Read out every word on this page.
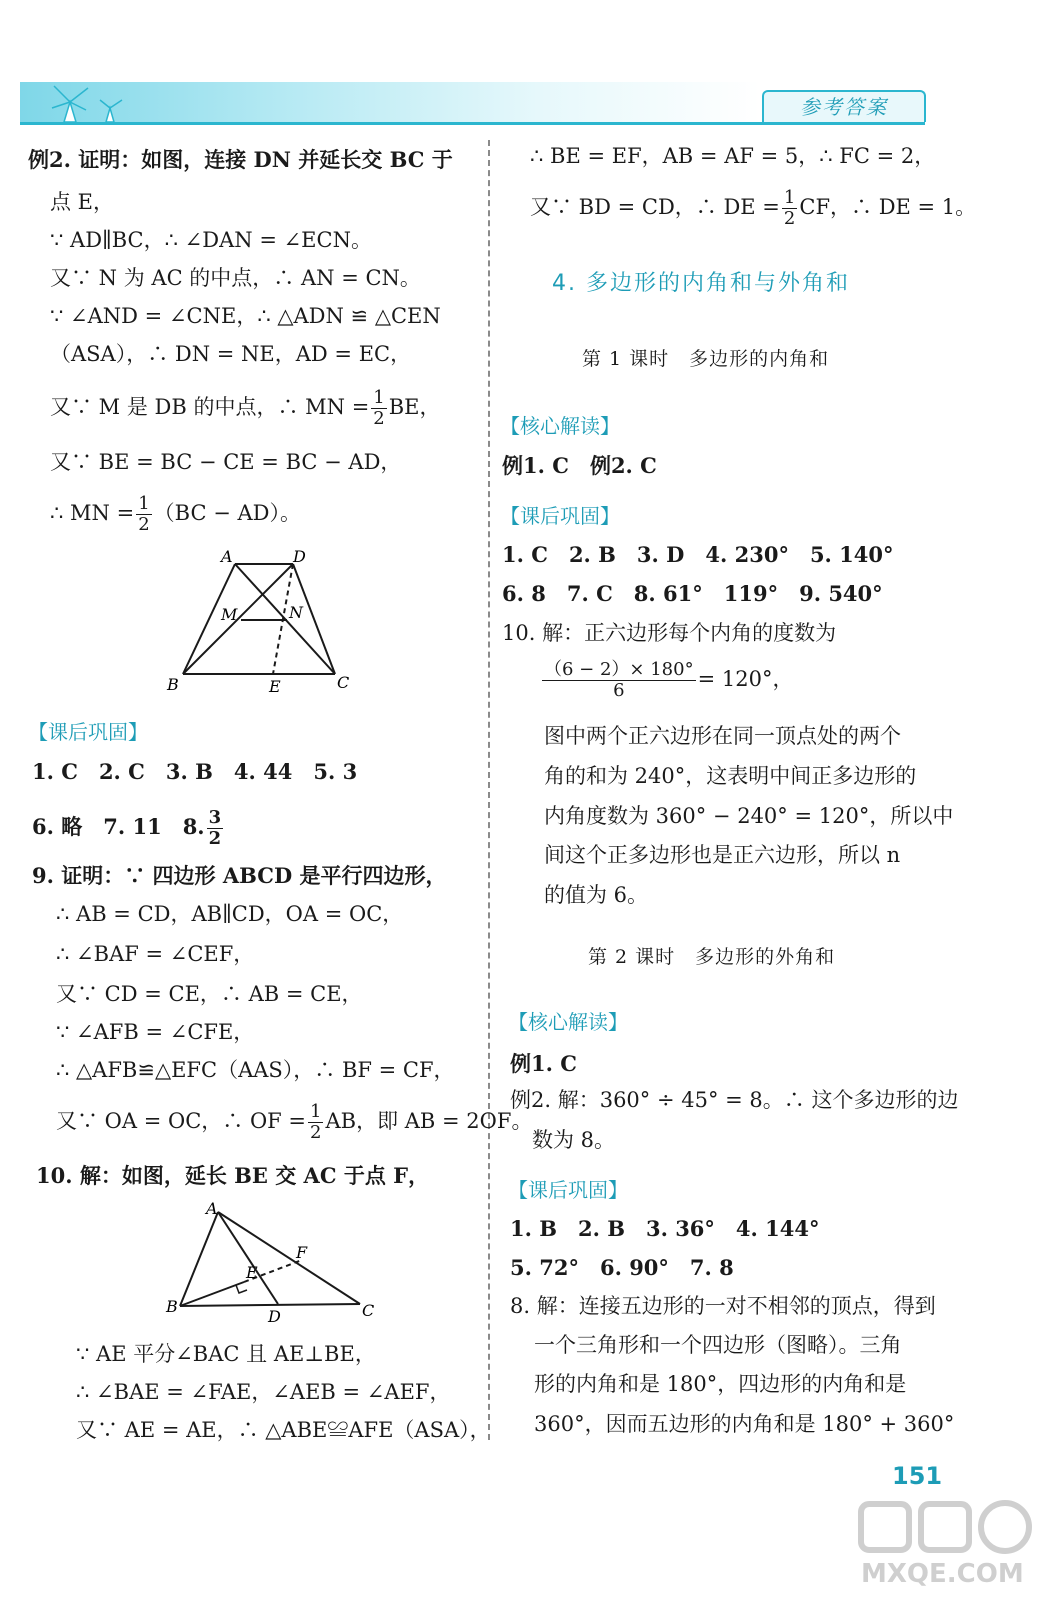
参考答案
例2. 证明：如图，连接 DN 并延长交 BC 于
点 E，
∵ AD∥BC，∴ ∠DAN = ∠ECN。
又∵ N 为 AC 的中点，∴ AN = CN。
∵ ∠AND = ∠CNE，∴ △ADN ≌ △CEN
（ASA），∴ DN = NE，AD = EC，
又∵ M 是 DB 的中点，∴ MN = $\frac{1}{2}$ BE，
又∵ BE = BC − CE = BC − AD，
∴ MN = $\frac{1}{2} (BC - AD)$。
A	D
M	N
B	E	C
【课后巩固】
1. C　2. C　3. B　4. 44　5. 3
6. 略　7. 11　8. $\frac{3}{2}$
9. 证明：∵ 四边形 ABCD 是平行四边形，
∴ AB = CD，AB∥CD，OA = OC，
∴ ∠BAF = ∠CEF，
又∵ CD = CE，∴ AB = CE，
∵ ∠AFB = ∠CFE，
∴ △AFB≌△EFC（AAS），∴ BF = CF，
又∵ OA = OC，∴ OF = $\frac{1}{2}$ AB，即 AB = 2OF。
10. 解：如图，延长 BE 交 AC 于点 F，
A
F
E
B
D	C
∵ AE 平分∠BAC 且 AE⊥BE，
∴ ∠BAE = ∠FAE，∠AEB = ∠AEF，
又∵ AE = AE，∴ △ABE≌AFE（ASA），
∴ BE = EF，AB = AF = 5，∴ FC = 2，
又∵ BD = CD，∴ DE = $\frac{1}{2}$ CF，∴ DE = 1。
4. 多边形的内角和与外角和
第 1 课时　多边形的内角和
【核心解读】
例1. C　例2. C
【课后巩固】
1. C　2. B　3. D　4. 230°　5. 140°
6. 8　7. C　8. 61°　119°　9. 540°
10. 解：正六边形每个内角的度数为
$\frac{(6 - 2)\times 180^\circ}{6} = 120^\circ$，
图中两个正六边形在同一顶点处的两个
角的和为 240°，这表明中间正多边形的
内角度数为 360° − 240° = 120°，所以中
间这个正多边形也是正六边形，所以 n
的值为 6。
第 2 课时　多边形的外角和
【核心解读】
例1. C
例2. 解：360° ÷ 45° = 8。∴ 这个多边形的边
数为 8。
【课后巩固】
1. B　2. B　3. 36°　4. 144°
5. 72°　6. 90°　7. 8
8. 解：连接五边形的一对不相邻的顶点，得到
一个三角形和一个四边形（图略）。三角
形的内角和是 180°，四边形的内角和是
360°，因而五边形的内角和是 180° + 360°
151
MXQE.COM
